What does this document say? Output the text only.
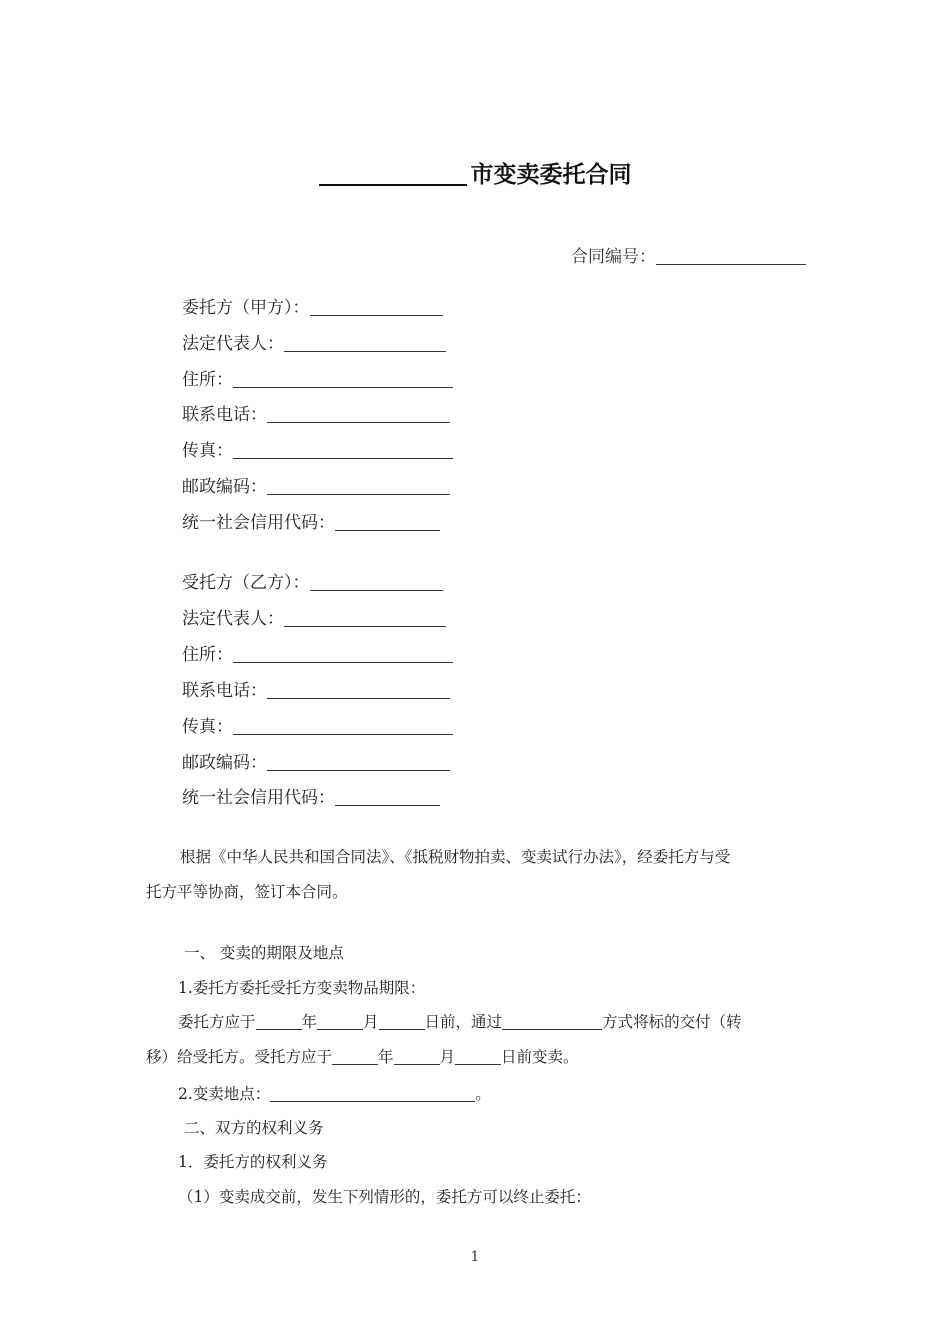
市变卖委托合同
合同编号：
委托方（甲方）：
法定代表人：
住所：
联系电话：
传真：
邮政编码：
统一社会信用代码：
受托方（乙方）：
法定代表人：
住所：
联系电话：
传真：
邮政编码：
统一社会信用代码：
根据《中华人民共和国合同法》、《抵税财物拍卖、变卖试行办法》，经委托方与受
托方平等协商，签订本合同。
一、 变卖的期限及地点
1.委托方委托受托方变卖物品期限：
委托方应于	年	月	日前，通过	方式将标的交付（转
移）给受托方。受托方应于	年	月	日前变卖。
2.变卖地点：	。
二、双方的权利义务
1．委托方的权利义务
（1）变卖成交前，发生下列情形的，委托方可以终止委托：
1
